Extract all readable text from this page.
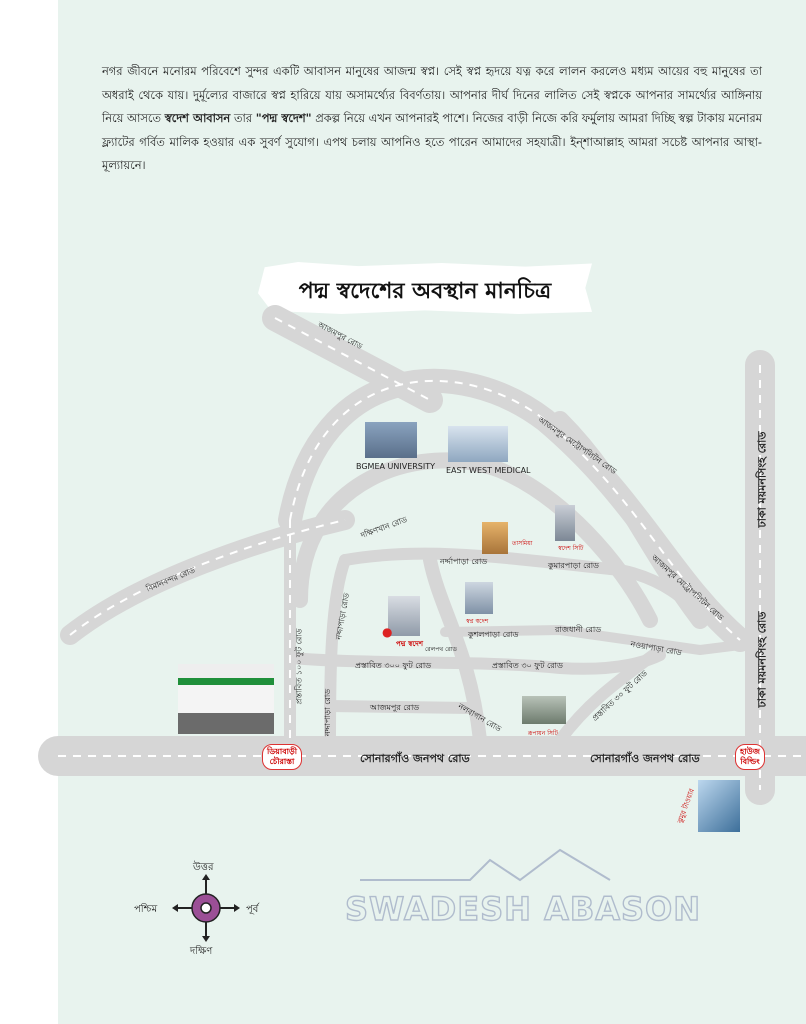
নগর জীবনে মনোরম পরিবেশে সুন্দর একটি আবাসন মানুষের আজন্ম স্বপ্ন। সেই স্বপ্ন হৃদয়ে যত্ন করে লালন করলেও মধ্যম আয়ের বহু মানুষের তা অধরাই থেকে যায়। দুর্মূল্যের বাজারে স্বপ্ন হারিয়ে যায় অসামর্থ্যের বিবর্ণতায়। আপনার দীর্ঘ দিনের লালিত সেই স্বপ্নকে আপনার সামর্থ্যের আঙ্গিনায় নিয়ে আসতে স্বদেশ আবাসন তার "পদ্ম স্বদেশ" প্রকল্প নিয়ে এখন আপনারই পাশে। নিজের বাড়ী নিজে করি ফর্মুলায় আমরা দিচ্ছি স্বল্প টাকায় মনোরম ফ্ল্যাটের গর্বিত মালিক হওয়ার এক সুবর্ণ সুযোগ। এপথ চলায় আপনিও হতে পারেন আমাদের সহযাত্রী। ইন্‌শাআল্লাহ আমরা সচেষ্ট আপনার আস্থা-মূল্যায়নে।
পদ্ম স্বদেশের অবস্থান মানচিত্র
ঢাকা ময়মনসিংহ রোড
ঢাকা ময়মনসিংহ রোড
সোনারগাঁও জনপথ রোড	সোনারগাঁও জনপথ রোড
আজমপুর রোড
আজমপুর মেট্রোপলিটন রোড
বিমানবন্দর রোড
দক্ষিণখান রোড
নর্দ্দাপাড়া রোড	কুমারপাড়া রোড	আজমপুর মেট্রোপলিটন রোড
কুশলপাড়া রোড
রাজধানী রোড
নওয়াপাড়া রোড
প্রস্তাবিত ৩০০ ফুট রোড	প্রস্তাবিত ৩০ ফুট রোড
প্রস্তাবিত ৩০ ফুট রোড
প্রস্তাবিত ১০০ ফুট রোড
নদ্দাপাড়া রোড
নদ্দাপাড়া রোড	আজমপুর রোড	নলবাগান রোড
BGMEA UNIVERSITY EAST WEST MEDICAL
তাসমিয়া
স্বদেশ সিটি
স্বপ্ন স্বদেশ
●
পদ্ম স্বদেশ
রেলপথ রোড
রূপায়ন সিটি
ঝুমুর টাওয়ার
ডিয়াবাড়ী
চৌরাস্তা
হাউজ
বিল্ডিং
উত্তর
দক্ষিণ
পূর্ব
পশ্চিম	SWADESH ABASON
